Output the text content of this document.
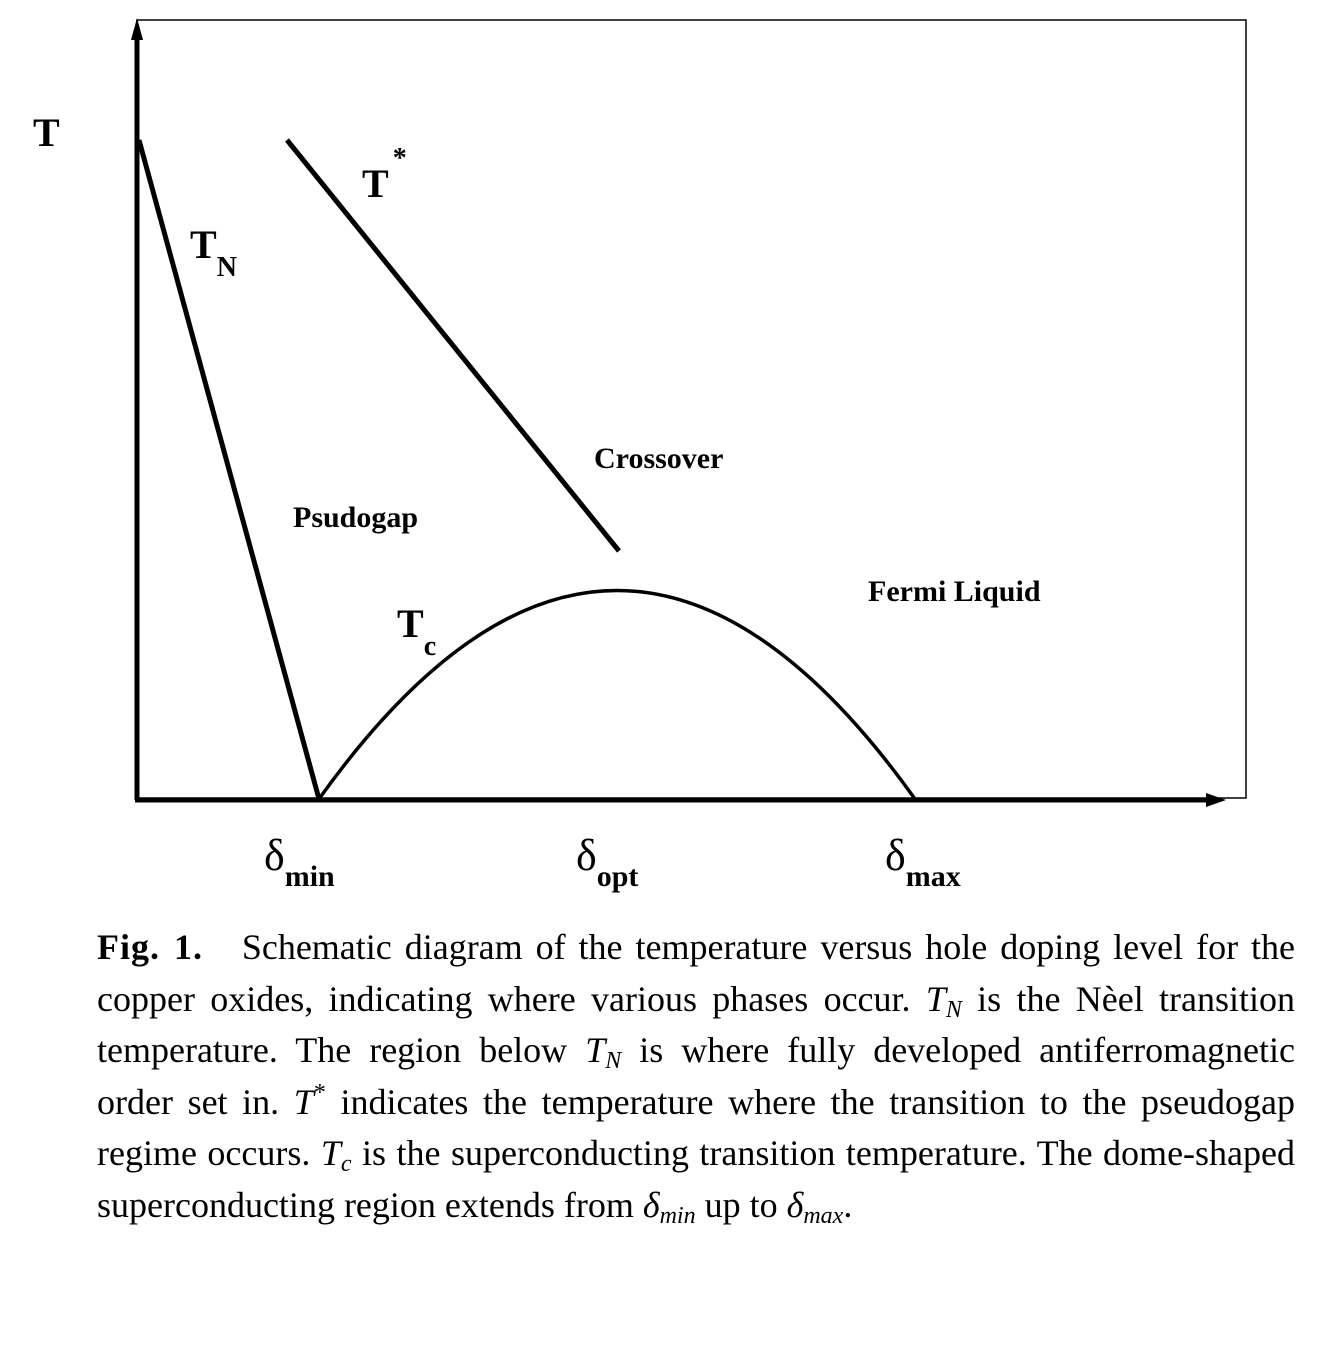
T
$T_N$
T*
$T_c$
Psudogap
Crossover
Fermi Liquid
$\delta_{min}$	$\delta_{opt}$	$\delta_{max}$

Fig. 1. Schematic diagram of the temperature versus hole doping level for the copper oxides, indicating where various phases occur. $T_N$ is the Nèel transition temperature. The region below $T_N$ is where fully developed antiferromagnetic order set in. T* indicates the temperature where the transition to the pseudogap regime occurs. $T_c$ is the superconducting transition temperature. The dome-shaped superconducting region extends from $\delta_{min}$ up to $\delta_{max}$.
